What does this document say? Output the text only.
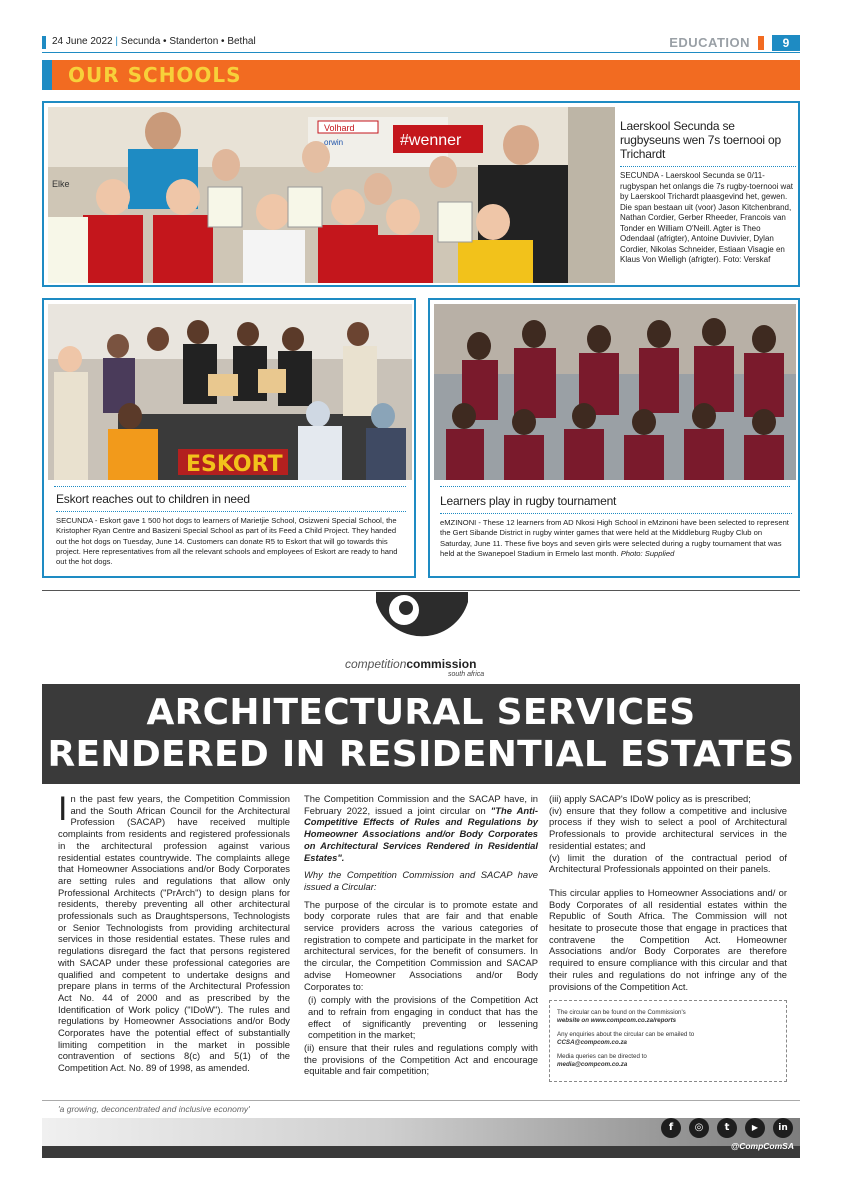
24 June 2022 | Secunda • Standerton • Bethal	EDUCATION	9
OUR SCHOOLS
#wenner
Volhard
orwin
Elke
Laerskool Secunda se rugbyseuns wen 7s toernooi op Trichardt
SECUNDA - Laerskool Secunda se 0/11-rugbyspan het onlangs die 7s rugby-toernooi wat by Laerskool Trichardt plaasgevind het, gewen. Die span bestaan uit (voor) Jason Kitchenbrand, Nathan Cordier, Gerber Rheeder, Francois van Tonder en William O'Neill. Agter is Theo Odendaal (afrigter), Antoine Duvivier, Dylan Cordier, Nikolas Schneider, Estiaan Visagie en Klaus Von Wielligh (afrigter). Foto: Verskaf
ESKORT
Eskort reaches out to children in need
SECUNDA - Eskort gave 1 500 hot dogs to learners of Marietjie School, Osizweni Special School, the Kristopher Ryan Centre and Basizeni Special School as part of its Feed a Child Project. They handed out the hot dogs on Tuesday, June 14. Customers can donate R5 to Eskort that will go towards this project. Here representatives from all the relevant schools and employees of Eskort are ready to hand out the hot dogs.
Learners play in rugby tournament
eMZINONI - These 12 learners from AD Nkosi High School in eMzinoni have been selected to represent the Gert Sibande District in rugby winter games that were held at the Middleburg Rugby Club on Saturday, June 11. These five boys and seven girls were selected during a rugby tournament that was held at the Swanepoel Stadium in Ermelo last month. Photo: Supplied
competitioncommission
south africa
ARCHITECTURAL SERVICES
RENDERED IN RESIDENTIAL ESTATES

In the past few years, the Competition Commission and the South African Council for the Architectural Profession (SACAP) have received multiple complaints from residents and registered professionals in the architectural profession against various residential estates countrywide. The complaints allege that Homeowner Associations and/or Body Corporates are setting rules and regulations that allow only Professional Architects ("PrArch") to design plans for residents, thereby preventing all other architectural professionals such as Draughtspersons, Technologists or Senior Technologists from providing architectural services in those residential estates. These rules and regulations disregard the fact that persons registered with SACAP under these professional categories are qualified and competent to undertake designs and prepare plans in terms of the Architectural Profession Act No. 44 of 2000 and as prescribed by the Identification of Work policy ("IDoW"). The rules and regulations by Homeowner Associations and/or Body Corporates have the potential effect of substantially limiting competition in the market in possible contravention of sections 8(c) and 5(1) of the Competition Act. No. 89 of 1998, as amended.

The Competition Commission and the SACAP have, in February 2022, issued a joint circular on "The Anti-Competitive Effects of Rules and Regulations by Homeowner Associations and/or Body Corporates on Architectural Services Rendered in Residential Estates".

Why the Competition Commission and SACAP have issued a Circular:

The purpose of the circular is to promote estate and body corporate rules that are fair and that enable service providers across the various categories of registration to compete and participate in the market for architectural services, for the benefit of consumers. In the circular, the Competition Commission and SACAP advise Homeowner Associations and/or Body Corporates to:

(i) comply with the provisions of the Competition Act and to refrain from engaging in conduct that has the effect of significantly preventing or lessening competition in the market;

(ii) ensure that their rules and regulations comply with the provisions of the Competition Act and encourage equitable and fair competition;

(iii) apply SACAP's IDoW policy as is prescribed;

(iv) ensure that they follow a competitive and inclusive process if they wish to select a pool of Architectural Professionals to provide architectural services in the residential estates; and

(v) limit the duration of the contractual period of Architectural Professionals appointed on their panels.

This circular applies to Homeowner Associations and/ or Body Corporates of all residential estates within the Republic of South Africa. The Commission will not hesitate to prosecute those that engage in practices that contravene the Competition Act. Homeowner Associations and/or Body Corporates are therefore required to ensure compliance with this circular and that their rules and regulations do not infringe any of the provisions of the Competition Act.

The circular can be found on the Commission's
website on www.compcom.co.za/reports

Any enquiries about the circular can be emailed to
CCSA@compcom.co.za

Media queries can be directed to
media@compcom.co.za

'a growing, deconcentrated and inclusive economy'
f	◎	t	▶	in
@CompComSA
